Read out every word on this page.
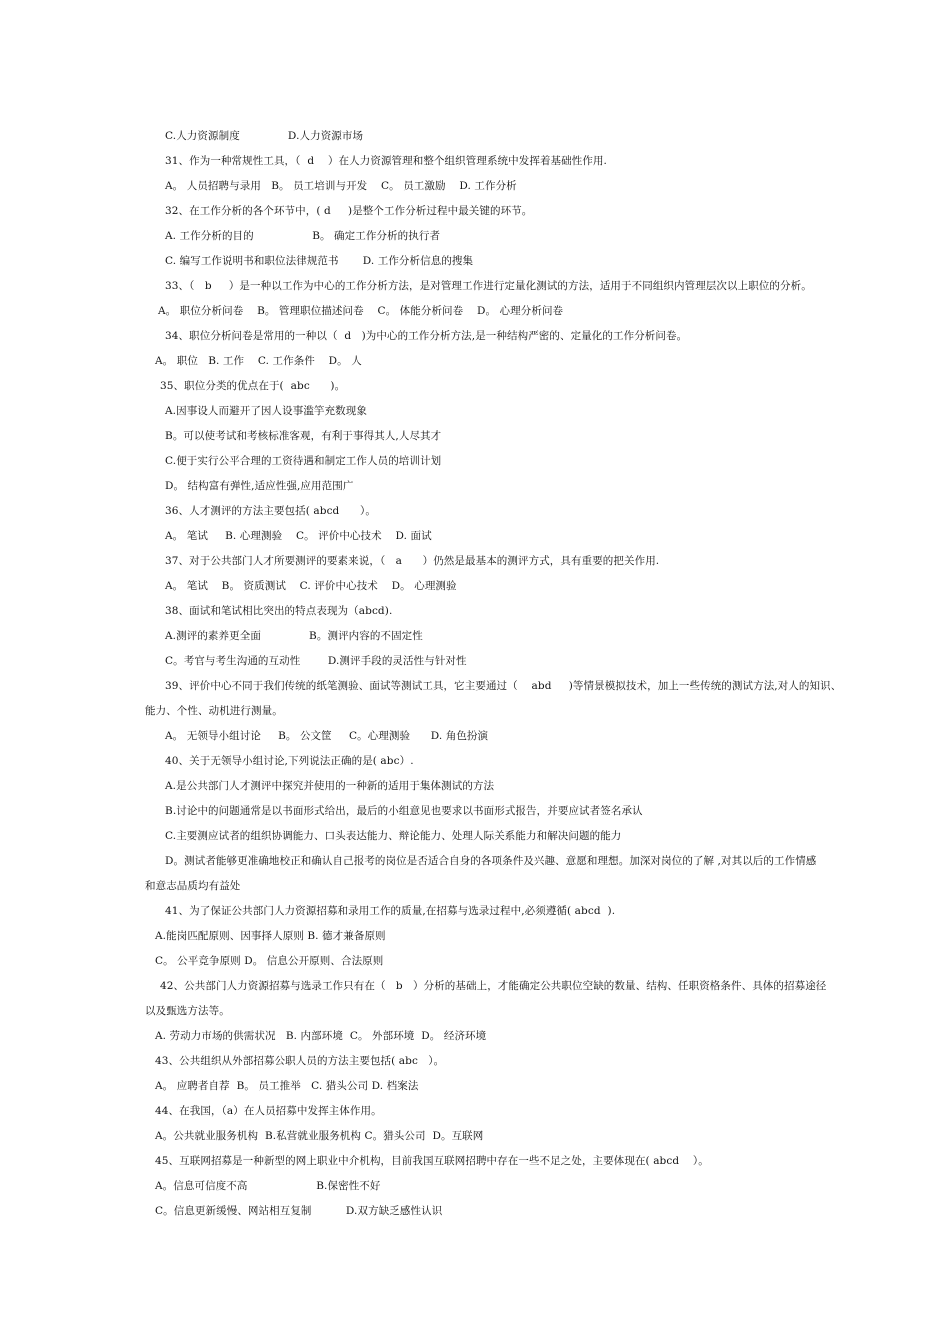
C.人力资源制度              D.人力资源市场
31、作为一种常规性工具，（  d    ）在人力资源管理和整个组织管理系统中发挥着基础性作用.
A。 人员招聘与录用   B。 员工培训与开发    C。 员工激励    D. 工作分析
32、在工作分析的各个环节中，( d     )是整个工作分析过程中最关键的环节。
A. 工作分析的目的                 B。 确定工作分析的执行者
C. 编写工作说明书和职位法律规范书       D. 工作分析信息的搜集
33、（   b     ）是一种以工作为中心的工作分析方法，是对管理工作进行定量化测试的方法，适用于不同组织内管理层次以上职位的分析。
A。 职位分析问卷    B。 管理职位描述问卷    C。 体能分析问卷    D。 心理分析问卷
34、职位分析问卷是常用的一种以（  d   )为中心的工作分析方法,是一种结构严密的、定量化的工作分析问卷。
A。 职位   B. 工作    C. 工作条件    D。 人
35、职位分类的优点在于(  abc      )。
A.因事设人而避开了因人设事滥竽充数现象
B。可以使考试和考核标准客观，有利于事得其人,人尽其才
C.便于实行公平合理的工资待遇和制定工作人员的培训计划
D。 结构富有弹性,适应性强,应用范围广
36、人才测评的方法主要包括( abcd      ）。
A。 笔试     B. 心理测验    C。 评价中心技术    D. 面试
37、对于公共部门人才所要测评的要素来说，（   a      ）仍然是最基本的测评方式，具有重要的把关作用.
A。 笔试    B。 资质测试    C. 评价中心技术    D。 心理测验
38、面试和笔试相比突出的特点表现为（abcd).
A.测评的素养更全面              B。测评内容的不固定性
C。考官与考生沟通的互动性        D.测评手段的灵活性与针对性
39、评价中心不同于我们传统的纸笔测验、面试等测试工具，它主要通过（    abd     )等情景模拟技术，加上一些传统的测试方法,对人的知识、
能力、个性、动机进行测量。
A。 无领导小组讨论     B。 公文筐     C。心理测验      D. 角色扮演
40、关于无领导小组讨论,下列说法正确的是( abc）.
A.是公共部门人才测评中探究并使用的一种新的适用于集体测试的方法
B.讨论中的问题通常是以书面形式给出，最后的小组意见也要求以书面形式报告，并要应试者签名承认
C.主要测应试者的组织协调能力、口头表达能力、辩论能力、处理人际关系能力和解决问题的能力
D。测试者能够更准确地校正和确认自己报考的岗位是否适合自身的各项条件及兴趣、意愿和理想。加深对岗位的了解 ,对其以后的工作情感
和意志品质均有益处
41、为了保证公共部门人力资源招募和录用工作的质量,在招募与选录过程中,必须遵循( abcd  ).
A.能岗匹配原则、因事择人原则 B. 德才兼备原则
C。 公平竞争原则 D。 信息公开原则、合法原则
42、公共部门人力资源招募与选录工作只有在（   b   ）分析的基础上，才能确定公共职位空缺的数量、结构、任职资格条件、具体的招募途径
以及甄选方法等。
A. 劳动力市场的供需状况   B. 内部环境  C。 外部环境  D。 经济环境
43、公共组织从外部招募公职人员的方法主要包括( abc   ）。
A。 应聘者自荐  B。 员工推举   C. 猎头公司 D. 档案法
44、在我国，（a）在人员招募中发挥主体作用。
A。公共就业服务机构  B.私营就业服务机构 C。猎头公司  D。互联网
45、互联网招募是一种新型的网上职业中介机构，目前我国互联网招聘中存在一些不足之处，主要体现在( abcd    ）。
A。信息可信度不高                    B.保密性不好
C。信息更新缓慢、网站相互复制          D.双方缺乏感性认识
